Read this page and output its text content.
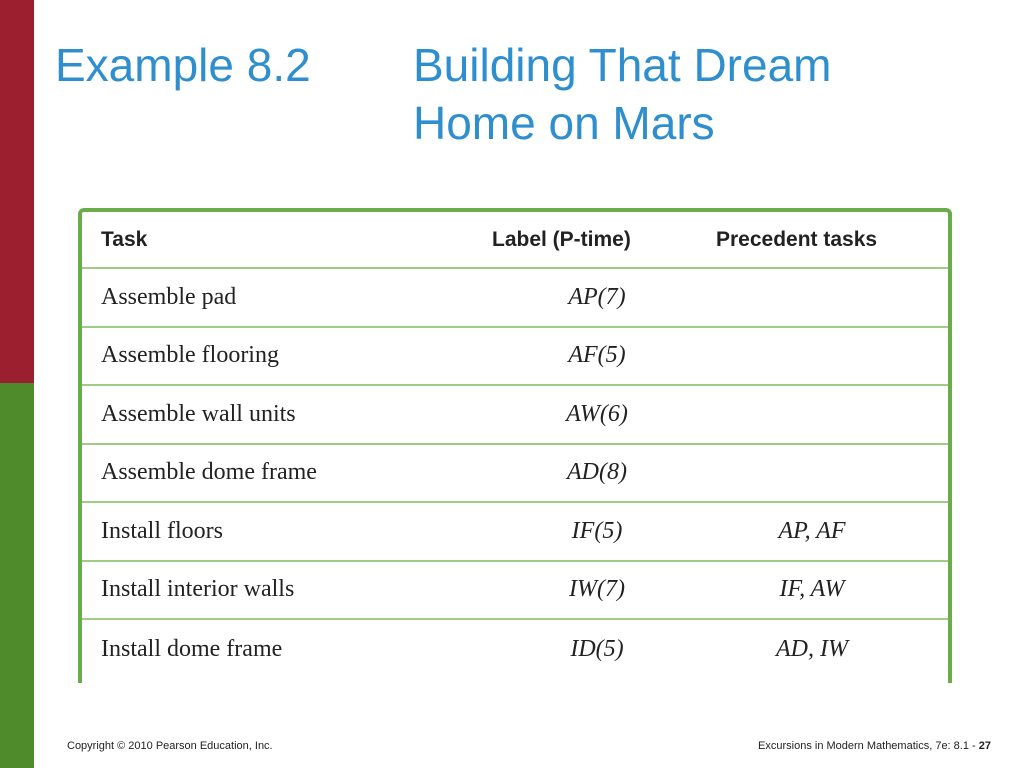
Example 8.2 Building That Dream
Home on Mars
Task	Label (P-time)	Precedent tasks
Assemble pad	AP(7)
Assemble flooring	AF(5)
Assemble wall units	AW(6)
Assemble dome frame	AD(8)
Install floors	IF(5)	AP, AF
Install interior walls	IW(7)	IF, AW
Install dome frame	ID(5)	AD, IW
Copyright © 2010 Pearson Education, Inc.	Excursions in Modern Mathematics, 7e: 8.1 - 27
